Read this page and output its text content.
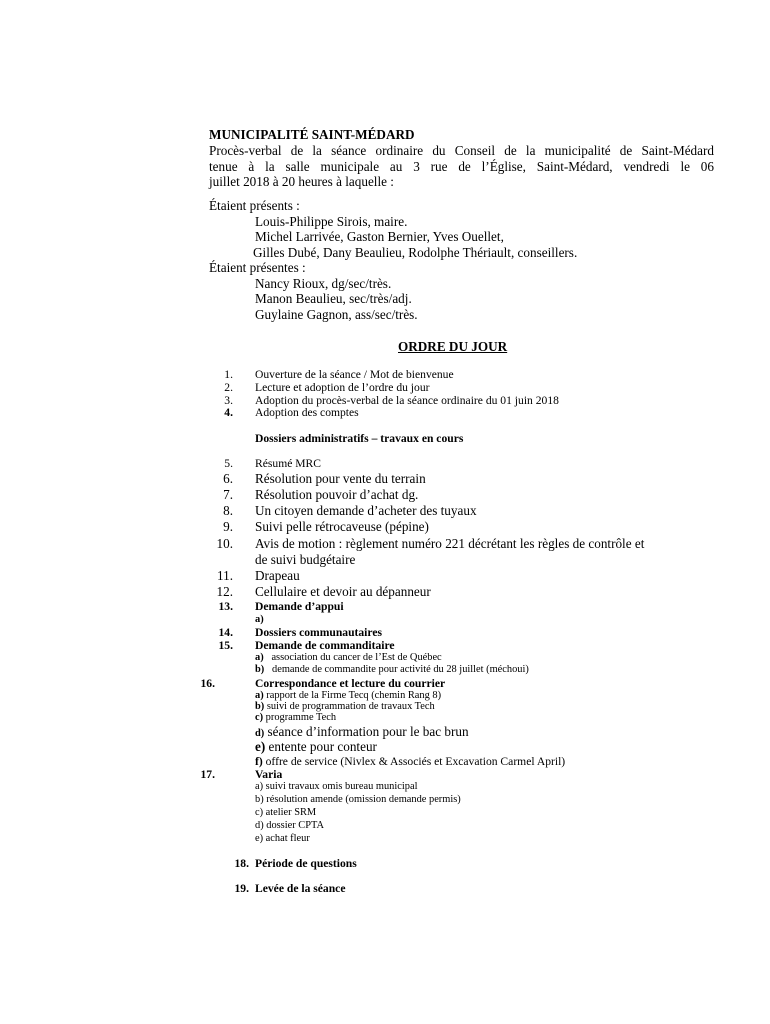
MUNICIPALITÉ SAINT-MÉDARD
Procès-verbal de la séance ordinaire du Conseil de la municipalité de Saint-Médard
tenue à la salle municipale au 3 rue de l’Église, Saint-Médard, vendredi le 06
juillet 2018 à 20 heures à laquelle :
Étaient présents :
Louis-Philippe Sirois, maire.
Michel Larrivée, Gaston Bernier, Yves Ouellet,
Gilles Dubé, Dany Beaulieu, Rodolphe Thériault, conseillers.
Étaient présentes :
Nancy Rioux, dg/sec/très.
Manon Beaulieu, sec/très/adj.
Guylaine Gagnon, ass/sec/très.
ORDRE DU JOUR
1. Ouverture de la séance / Mot de bienvenue
2. Lecture et adoption de l’ordre du jour
3. Adoption du procès-verbal de la séance ordinaire du 01 juin 2018
4. Adoption des comptes
Dossiers administratifs – travaux en cours
5. Résumé MRC
6. Résolution pour vente du terrain
7. Résolution pouvoir d’achat dg.
8. Un citoyen demande d’acheter des tuyaux
9. Suivi pelle rétrocaveuse (pépine)
10. Avis de motion : règlement numéro 221 décrétant les règles de contrôle et
de suivi budgétaire
11. Drapeau
12. Cellulaire et devoir au dépanneur
13. Demande d’appui
a)
14. Dossiers communautaires
15. Demande de commanditaire
a)   association du cancer de l’Est de Québec
b)   demande de commandite pour activité du 28 juillet (méchoui)
16.	Correspondance et lecture du courrier
a) rapport de la Firme Tecq (chemin Rang 8)
b) suivi de programmation de travaux Tech
c) programme Tech
d) séance d’information pour le bac brun
e) entente pour conteur
f) offre de service (Nivlex & Associés et Excavation Carmel April)
17.	Varia
a) suivi travaux omis bureau municipal
b) résolution amende (omission demande permis)
c) atelier SRM
d) dossier CPTA
e) achat fleur
18. Période de questions
19. Levée de la séance
